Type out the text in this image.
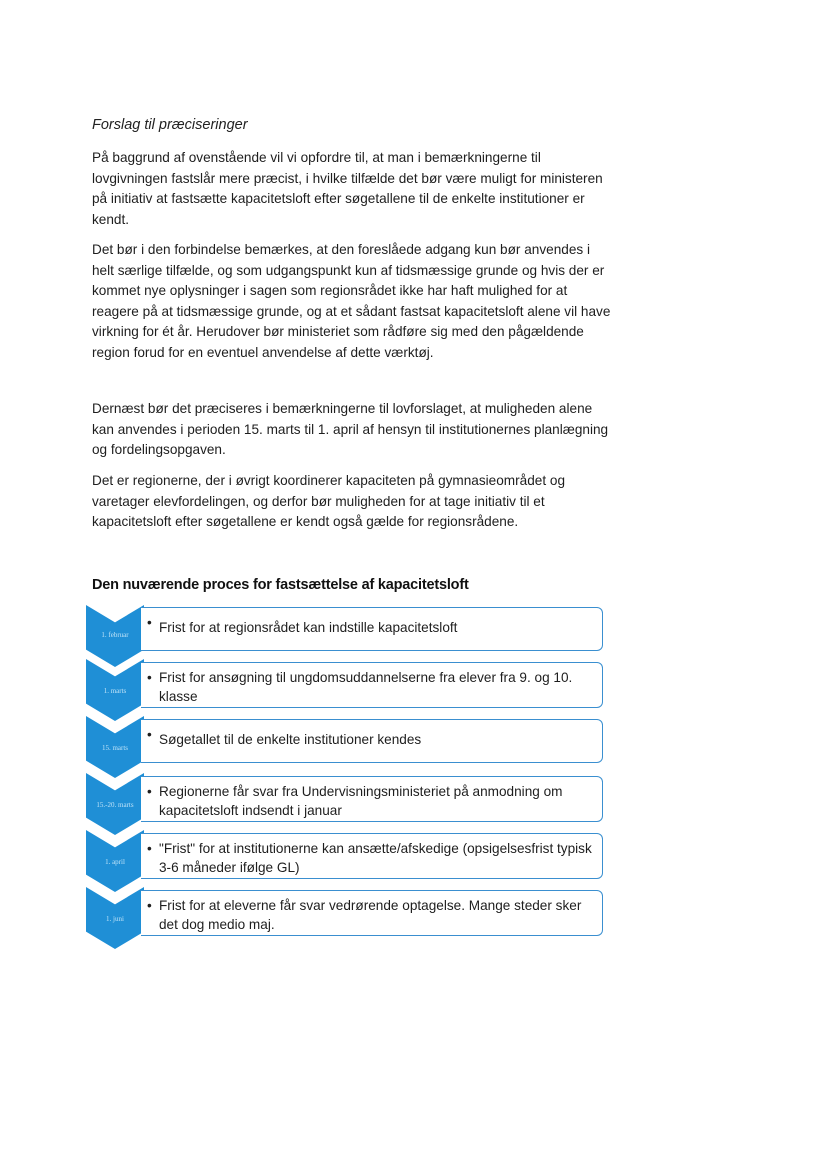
Forslag til præciseringer

På baggrund af ovenstående vil vi opfordre til, at man i bemærkningerne til lovgivningen fastslår mere præcist, i hvilke tilfælde det bør være muligt for ministeren på initiativ at fastsætte kapacitetsloft efter søgetallene til de enkelte institutioner er kendt.

Det bør i den forbindelse bemærkes, at den foreslåede adgang kun bør anvendes i helt særlige tilfælde, og som udgangspunkt kun af tidsmæssige grunde og hvis der er kommet nye oplysninger i sagen som regionsrådet ikke har haft mulighed for at reagere på at tidsmæssige grunde, og at et sådant fastsat kapacitetsloft alene vil have virkning for ét år. Herudover bør ministeriet som rådføre sig med den pågældende region forud for en eventuel anvendelse af dette værktøj.

Dernæst bør det præciseres i bemærkningerne til lovforslaget, at muligheden alene kan anvendes i perioden 15. marts til 1. april af hensyn til institutionernes planlægning og fordelingsopgaven.

Det er regionerne, der i øvrigt koordinerer kapaciteten på gymnasieområdet og varetager elevfordelingen, og derfor bør muligheden for at tage initiativ til et kapacitetsloft efter søgetallene er kendt også gælde for regionsrådene.

Den nuværende proces for fastsættelse af kapacitetsloft
1. februar
• Frist for at regionsrådet kan indstille kapacitetsloft
1. marts
• Frist for ansøgning til ungdomsuddannelserne fra elever fra 9. og 10. klasse
15. marts
• Søgetallet til de enkelte institutioner kendes
15.-20. marts
• Regionerne får svar fra Undervisningsministeriet på anmodning om kapacitetsloft indsendt i januar
1. april
• "Frist" for at institutionerne kan ansætte/afskedige (opsigelsesfrist typisk 3-6 måneder ifølge GL)
1. juni
• Frist for at eleverne får svar vedrørende optagelse. Mange steder sker det dog medio maj.
